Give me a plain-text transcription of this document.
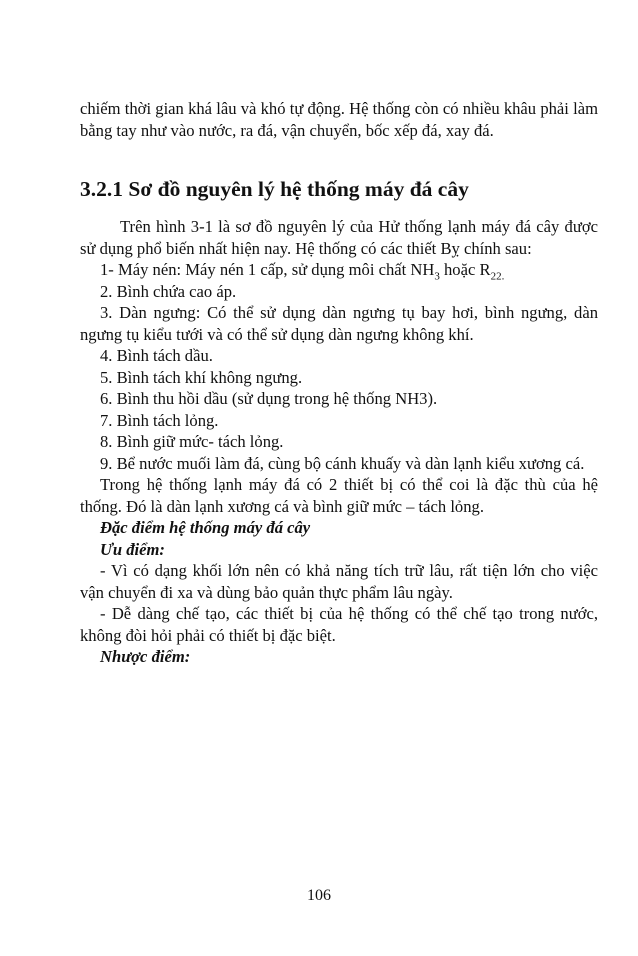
chiếm thời gian khá lâu và khó tự động. Hệ thống còn có nhiều khâu phải làm bằng tay như vào nước, ra đá, vận chuyển, bốc xếp đá, xay đá.

3.2.1 Sơ đồ nguyên lý hệ thống máy đá cây

Trên hình 3-1 là sơ đồ nguyên lý của Hử thống lạnh máy đá cây được sử dụng phổ biến nhất hiện nay. Hệ thống có các thiết Bỵ chính sau:

1- Máy nén: Máy nén 1 cấp, sử dụng môi chất $NH_3$ hoặc $R_{22.}$

2. Bình chứa cao áp.

3. Dàn ngưng: Có thể sử dụng dàn ngưng tụ bay hơi, bình ngưng, dàn ngưng tụ kiểu tưới và có thể sử dụng dàn ngưng không khí.

4. Bình tách dầu.

5. Bình tách khí không ngưng.

6. Bình thu hồi dầu (sử dụng trong hệ thống NH3).

7. Bình tách lỏng.

8. Bình giữ mức- tách lỏng.

9. Bể nước muối làm đá, cùng bộ cánh khuấy và dàn lạnh kiểu xương cá.

Trong hệ thống lạnh máy đá có 2 thiết bị có thể coi là đặc thù của hệ thống. Đó là dàn lạnh xương cá và bình giữ mức – tách lỏng.

Đặc điểm hệ thống máy đá cây

Ưu điểm:

- Vì có dạng khối lớn nên có khả năng tích trữ lâu, rất tiện lớn cho việc vận chuyển đi xa và dùng bảo quản thực phẩm lâu ngày.

- Dễ dàng chế tạo, các thiết bị của hệ thống có thể chế tạo trong nước, không đòi hỏi phải có thiết bị đặc biệt.

Nhược điểm:

106
